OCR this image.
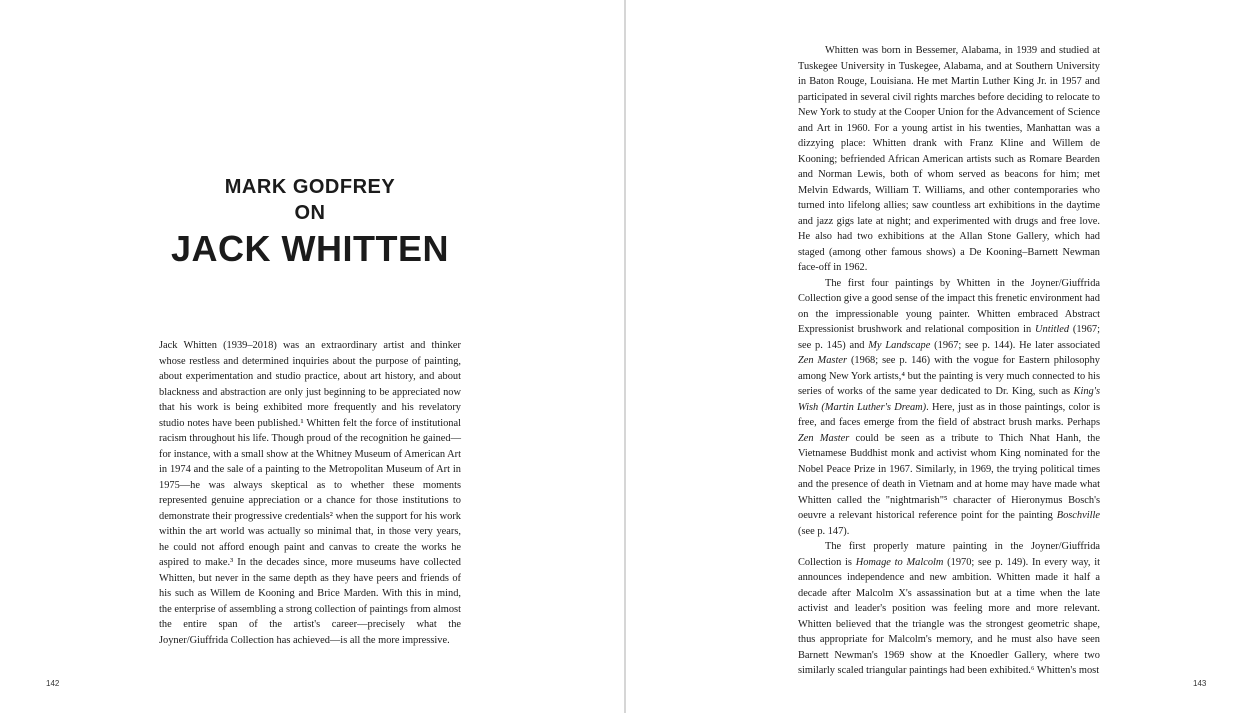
MARK GODFREY
ON
JACK WHITTEN

Jack Whitten (1939–2018) was an extraordinary artist and thinker whose restless and determined inquiries about the purpose of painting, about experimentation and studio practice, about art history, and about blackness and abstraction are only just beginning to be appreciated now that his work is being exhibited more frequently and his revelatory studio notes have been published.¹ Whitten felt the force of institutional racism throughout his life. Though proud of the recognition he gained—for instance, with a small show at the Whitney Museum of American Art in 1974 and the sale of a painting to the Metropolitan Museum of Art in 1975—he was always skeptical as to whether these moments represented genuine appreciation or a chance for those institutions to demonstrate their progressive credentials² when the support for his work within the art world was actually so minimal that, in those very years, he could not afford enough paint and canvas to create the works he aspired to make.³ In the decades since, more museums have collected Whitten, but never in the same depth as they have peers and friends of his such as Willem de Kooning and Brice Marden. With this in mind, the enterprise of assembling a strong collection of paintings from almost the entire span of the artist's career—precisely what the Joyner/Giuffrida Collection has achieved—is all the more impressive.

142

Whitten was born in Bessemer, Alabama, in 1939 and studied at Tuskegee University in Tuskegee, Alabama, and at Southern University in Baton Rouge, Louisiana. He met Martin Luther King Jr. in 1957 and participated in several civil rights marches before deciding to relocate to New York to study at the Cooper Union for the Advancement of Science and Art in 1960. For a young artist in his twenties, Manhattan was a dizzying place: Whitten drank with Franz Kline and Willem de Kooning; befriended African American artists such as Romare Bearden and Norman Lewis, both of whom served as beacons for him; met Melvin Edwards, William T. Williams, and other contemporaries who turned into lifelong allies; saw countless art exhibitions in the daytime and jazz gigs late at night; and experimented with drugs and free love. He also had two exhibitions at the Allan Stone Gallery, which had staged (among other famous shows) a De Kooning–Barnett Newman face-off in 1962.

The first four paintings by Whitten in the Joyner/Giuffrida Collection give a good sense of the impact this frenetic environment had on the impressionable young painter. Whitten embraced Abstract Expressionist brushwork and relational composition in Untitled (1967; see p. 145) and My Landscape (1967; see p. 144). He later associated Zen Master (1968; see p. 146) with the vogue for Eastern philosophy among New York artists,⁴ but the painting is very much connected to his series of works of the same year dedicated to Dr. King, such as King's Wish (Martin Luther's Dream). Here, just as in those paintings, color is free, and faces emerge from the field of abstract brush marks. Perhaps Zen Master could be seen as a tribute to Thich Nhat Hanh, the Vietnamese Buddhist monk and activist whom King nominated for the Nobel Peace Prize in 1967. Similarly, in 1969, the trying political times and the presence of death in Vietnam and at home may have made what Whitten called the "nightmarish"⁵ character of Hieronymus Bosch's oeuvre a relevant historical reference point for the painting Boschville (see p. 147).

The first properly mature painting in the Joyner/Giuffrida Collection is Homage to Malcolm (1970; see p. 149). In every way, it announces independence and new ambition. Whitten made it half a decade after Malcolm X's assassination but at a time when the late activist and leader's position was feeling more and more relevant. Whitten believed that the triangle was the strongest geometric shape, thus appropriate for Malcolm's memory, and he must also have seen Barnett Newman's 1969 show at the Knoedler Gallery, where two similarly scaled triangular paintings had been exhibited.⁶ Whitten's most

143
